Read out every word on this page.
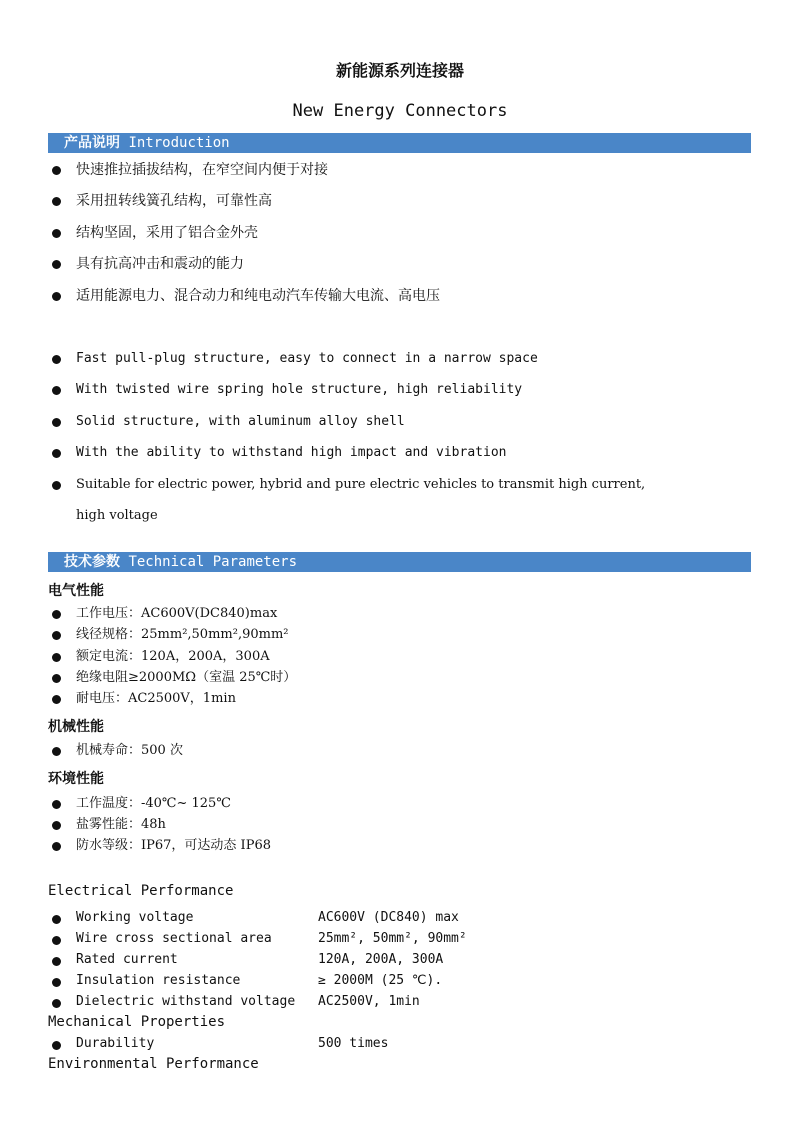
新能源系列连接器
New Energy Connectors
产品说明 Introduction
快速推拉插拔结构，在窄空间内便于对接
采用扭转线簧孔结构，可靠性高
结构坚固，采用了铝合金外壳
具有抗高冲击和震动的能力
适用能源电力、混合动力和纯电动汽车传输大电流、高电压
Fast pull-plug structure, easy to connect in a narrow space
With twisted wire spring hole structure, high reliability
Solid structure, with aluminum alloy shell
With the ability to withstand high impact and vibration
Suitable for electric power, hybrid and pure electric vehicles to transmit high current,
high voltage
技术参数 Technical Parameters
电气性能
工作电压：AC600V(DC840)max
线径规格：25mm²,50mm²,90mm²
额定电流：120A，200A，300A
绝缘电阻≥2000MΩ（室温 25℃时）
耐电压：AC2500V，1min
机械性能
机械寿命：500 次
环境性能
工作温度：-40℃~ 125℃
盐雾性能：48h
防水等级：IP67，可达动态 IP68
Electrical Performance
Working voltage	AC600V (DC840) max
Wire cross sectional area	25mm², 50mm², 90mm²
Rated current	120A, 200A, 300A
Insulation resistance	≥ 2000M (25 ℃).
Dielectric withstand voltage AC2500V, 1min
Mechanical Properties
Durability	500 times
Environmental Performance
